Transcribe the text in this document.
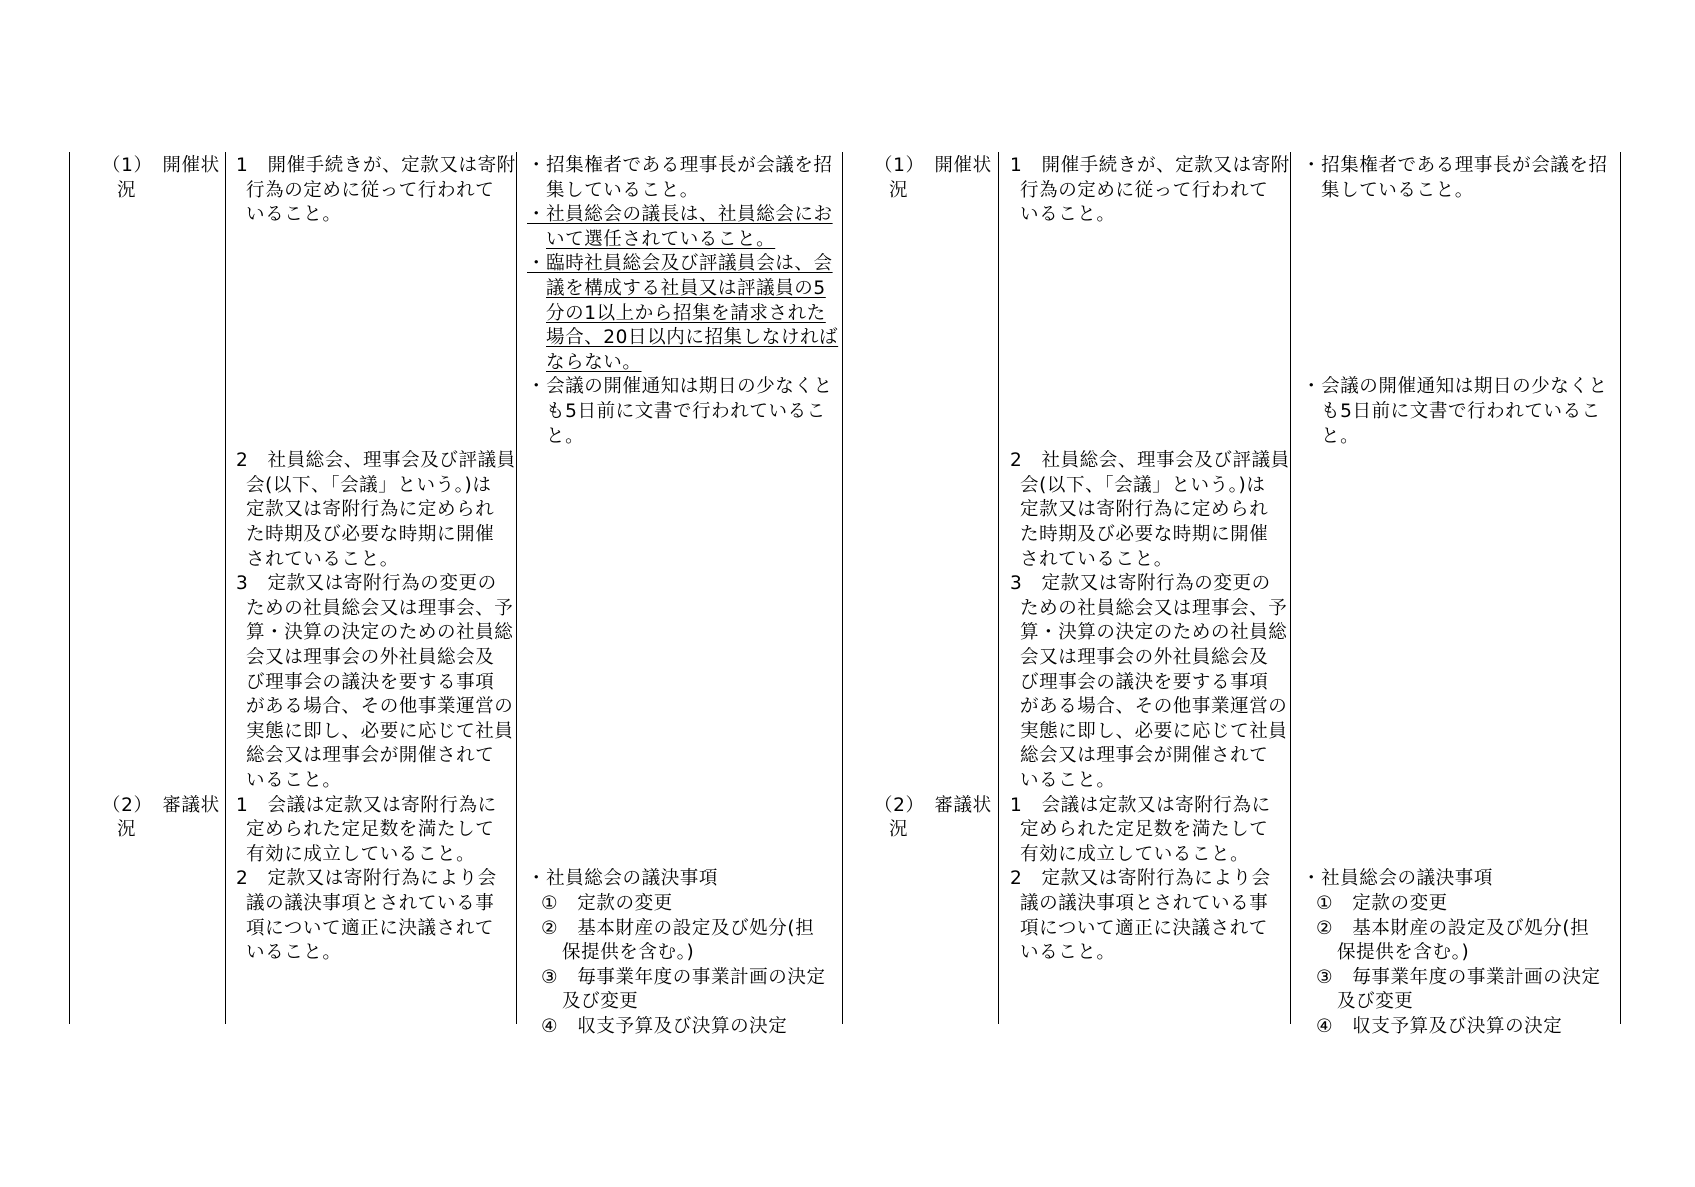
（1）　開催状
況
1　開催手続きが、定款又は寄附
行為の定めに従って行われて
いること。
2　社員総会、理事会及び評議員
会(以下、「会議」という。)は
定款又は寄附行為に定められ
た時期及び必要な時期に開催
されていること。
3　定款又は寄附行為の変更の
ための社員総会又は理事会、予
算・決算の決定のための社員総
会又は理事会の外社員総会及
び理事会の議決を要する事項
がある場合、その他事業運営の
実態に即し、必要に応じて社員
総会又は理事会が開催されて
いること。
・招集権者である理事長が会議を招
集していること。
・社員総会の議長は、社員総会にお
いて選任されていること。
・臨時社員総会及び評議員会は、会
議を構成する社員又は評議員の5
分の1以上から招集を請求された
場合、20日以内に招集しなければ
ならない。
・会議の開催通知は期日の少なくと
も5日前に文書で行われているこ
と。
（2）　審議状
況
1　会議は定款又は寄附行為に
定められた定足数を満たして
有効に成立していること。
2　定款又は寄附行為により会
議の議決事項とされている事
項について適正に決議されて
いること。
・社員総会の議決事項
①　定款の変更
②　基本財産の設定及び処分(担
保提供を含む。)
③　毎事業年度の事業計画の決定
及び変更
④　収支予算及び決算の決定
（1）　開催状
況
1　開催手続きが、定款又は寄附
行為の定めに従って行われて
いること。
2　社員総会、理事会及び評議員
会(以下、「会議」という。)は
定款又は寄附行為に定められ
た時期及び必要な時期に開催
されていること。
3　定款又は寄附行為の変更の
ための社員総会又は理事会、予
算・決算の決定のための社員総
会又は理事会の外社員総会及
び理事会の議決を要する事項
がある場合、その他事業運営の
実態に即し、必要に応じて社員
総会又は理事会が開催されて
いること。
・招集権者である理事長が会議を招
集していること。
・会議の開催通知は期日の少なくと
も5日前に文書で行われているこ
と。
（2）　審議状
況
1　会議は定款又は寄附行為に
定められた定足数を満たして
有効に成立していること。
2　定款又は寄附行為により会
議の議決事項とされている事
項について適正に決議されて
いること。
・社員総会の議決事項
①　定款の変更
②　基本財産の設定及び処分(担
保提供を含む。)
③　毎事業年度の事業計画の決定
及び変更
④　収支予算及び決算の決定
